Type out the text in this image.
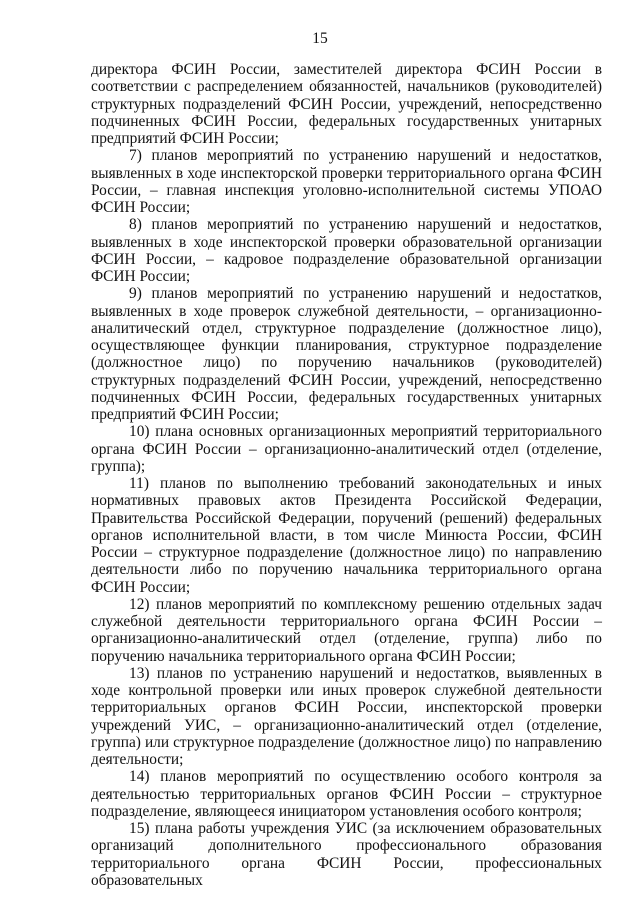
15

директора ФСИН России, заместителей директора ФСИН России в соответствии с распределением обязанностей, начальников (руководителей) структурных подразделений ФСИН России, учреждений, непосредственно подчиненных ФСИН России, федеральных государственных унитарных предприятий ФСИН России;

7) планов мероприятий по устранению нарушений и недостатков, выявленных в ходе инспекторской проверки территориального органа ФСИН России, – главная инспекция уголовно-исполнительной системы УПОАО ФСИН России;

8) планов мероприятий по устранению нарушений и недостатков, выявленных в ходе инспекторской проверки образовательной организации ФСИН России, – кадровое подразделение образовательной организации ФСИН России;

9) планов мероприятий по устранению нарушений и недостатков, выявленных в ходе проверок служебной деятельности, – организационно-аналитический отдел, структурное подразделение (должностное лицо), осуществляющее функции планирования, структурное подразделение (должностное лицо) по поручению начальников (руководителей) структурных подразделений ФСИН России, учреждений, непосредственно подчиненных ФСИН России, федеральных государственных унитарных предприятий ФСИН России;

10) плана основных организационных мероприятий территориального органа ФСИН России – организационно-аналитический отдел (отделение, группа);

11) планов по выполнению требований законодательных и иных нормативных правовых актов Президента Российской Федерации, Правительства Российской Федерации, поручений (решений) федеральных органов исполнительной власти, в том числе Минюста России, ФСИН России – структурное подразделение (должностное лицо) по направлению деятельности либо по поручению начальника территориального органа ФСИН России;

12) планов мероприятий по комплексному решению отдельных задач служебной деятельности территориального органа ФСИН России – организационно-аналитический отдел (отделение, группа) либо по поручению начальника территориального органа ФСИН России;

13) планов по устранению нарушений и недостатков, выявленных в ходе контрольной проверки или иных проверок служебной деятельности территориальных органов ФСИН России, инспекторской проверки учреждений УИС, – организационно-аналитический отдел (отделение, группа) или структурное подразделение (должностное лицо) по направлению деятельности;

14) планов мероприятий по осуществлению особого контроля за деятельностью территориальных органов ФСИН России – структурное подразделение, являющееся инициатором установления особого контроля;

15) плана работы учреждения УИС (за исключением образовательных организаций дополнительного профессионального образования территориального органа ФСИН России, профессиональных образовательных
